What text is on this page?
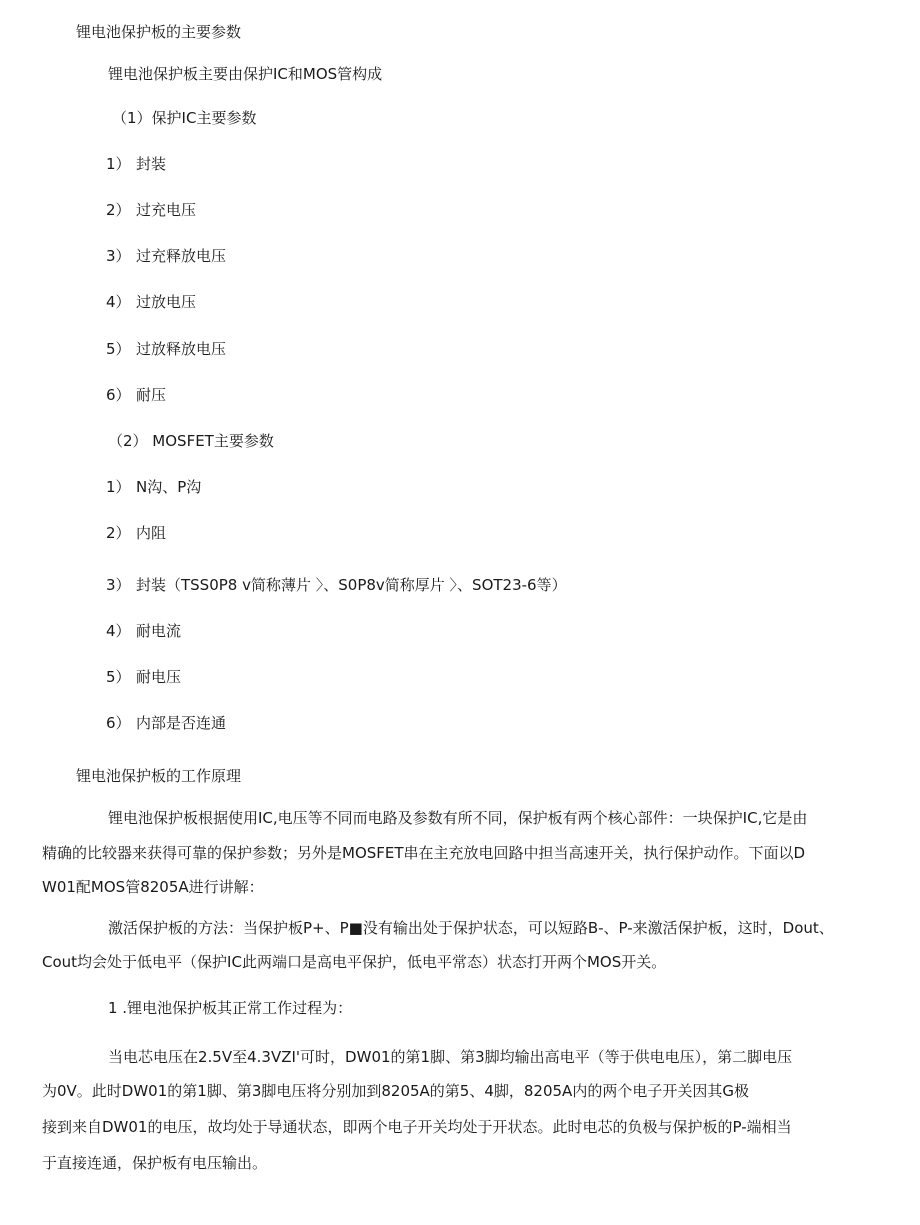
锂电池保护板的主要参数
锂电池保护板主要由保护IC和MOS管构成
（1）保护IC主要参数
1） 封装
2） 过充电压
3） 过充释放电压
4） 过放电压
5） 过放释放电压
6） 耐压
（2） MOSFET主要参数
1） N沟、P沟
2） 内阻
3） 封装（TSS0P8 v简称薄片 〉、S0P8v简称厚片 〉、SOT23-6等）
4） 耐电流
5） 耐电压
6） 内部是否连通
锂电池保护板的工作原理
锂电池保护板根据使用IC,电压等不同而电路及参数有所不同，保护板有两个核心部件：一块保护IC,它是由
精确的比较器来获得可靠的保护参数；另外是MOSFET串在主充放电回路中担当高速开关，执行保护动作。下面以D
W01配MOS管8205A进行讲解：
激活保护板的方法：当保护板P+、P■没有输出处于保护状态，可以短路B-、P-来激活保护板，这时，Dout、
Cout均会处于低电平（保护IC此两端口是高电平保护，低电平常态）状态打开两个MOS开关。
1 .锂电池保护板其正常工作过程为：
当电芯电压在2.5V至4.3VZI'可时，DW01的第1脚、第3脚均输出高电平（等于供电电压），第二脚电压
为0V。此时DW01的第1脚、第3脚电压将分别加到8205A的第5、4脚，8205A内的两个电子开关因其G极
接到来自DW01的电压，故均处于导通状态，即两个电子开关均处于开状态。此时电芯的负极与保护板的P-端相当
于直接连通，保护板有电压输出。
